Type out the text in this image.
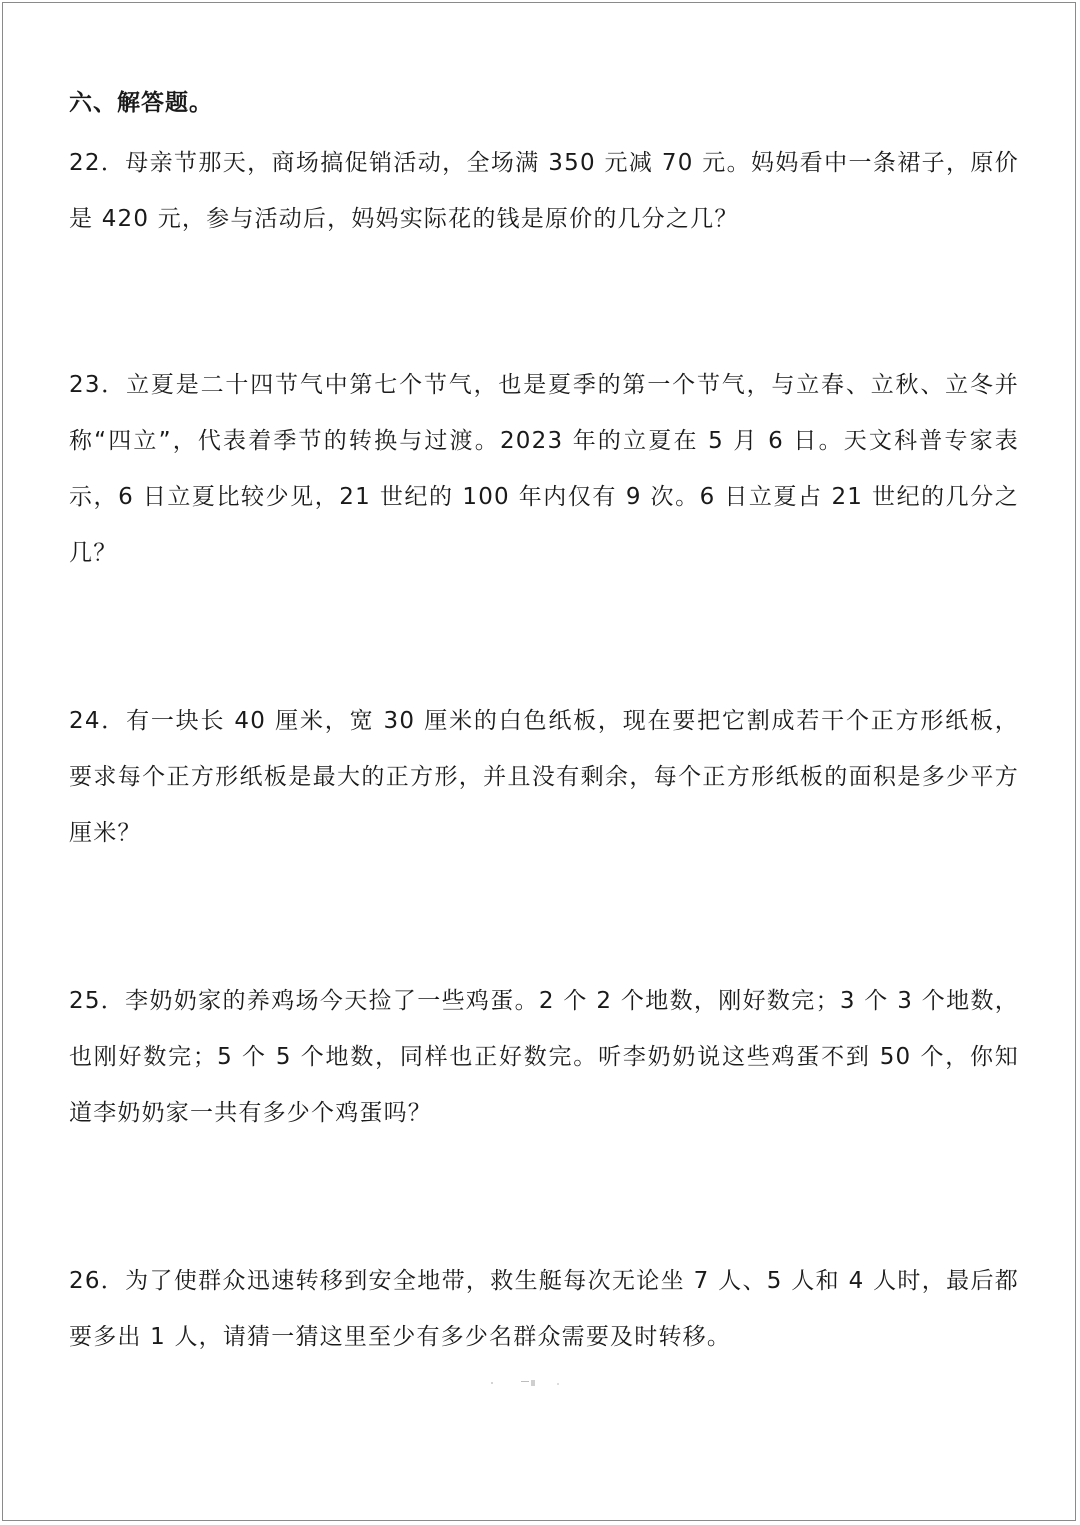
六、解答题。

22．母亲节那天，商场搞促销活动，全场满 350 元减 70 元。妈妈看中一条裙子，原价是 420 元，参与活动后，妈妈实际花的钱是原价的几分之几？

23．立夏是二十四节气中第七个节气，也是夏季的第一个节气，与立春、立秋、立冬并称“四立”，代表着季节的转换与过渡。2023 年的立夏在 5 月 6 日。天文科普专家表示，6 日立夏比较少见，21 世纪的 100 年内仅有 9 次。6 日立夏占 21 世纪的几分之几？

24．有一块长 40 厘米，宽 30 厘米的白色纸板，现在要把它割成若干个正方形纸板，要求每个正方形纸板是最大的正方形，并且没有剩余，每个正方形纸板的面积是多少平方厘米？

25．李奶奶家的养鸡场今天捡了一些鸡蛋。2 个 2 个地数，刚好数完；3 个 3 个地数，也刚好数完；5 个 5 个地数，同样也正好数完。听李奶奶说这些鸡蛋不到 50 个，你知道李奶奶家一共有多少个鸡蛋吗？

26．为了使群众迅速转移到安全地带，救生艇每次无论坐 7 人、5 人和 4 人时，最后都要多出 1 人，请猜一猜这里至少有多少名群众需要及时转移。
